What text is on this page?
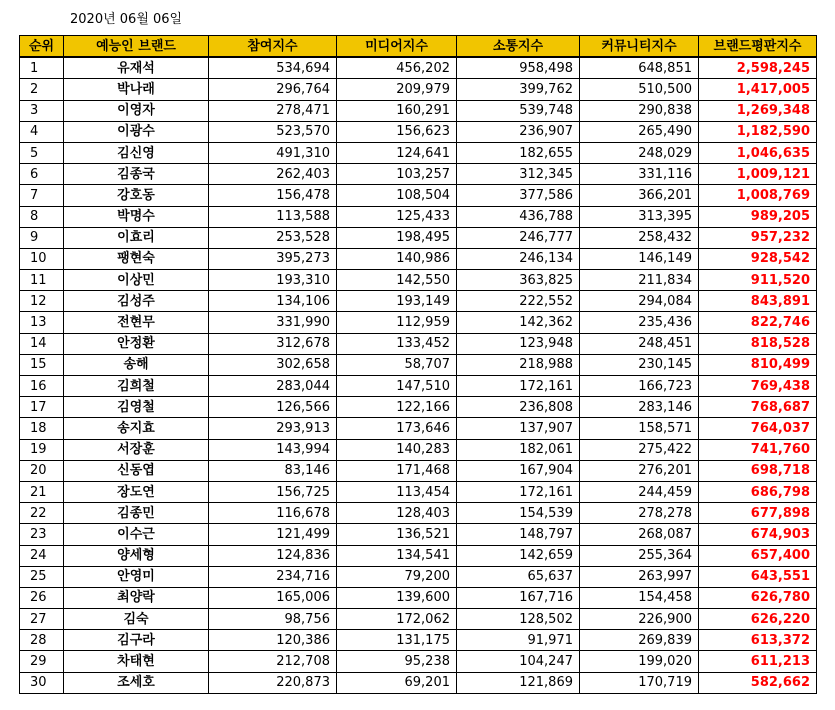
2020년 06월 06일
순위	예능인 브랜드	참여지수	미디어지수	소통지수	커뮤니티지수	브랜드평판지수
1	유재석	534,694	456,202	958,498	648,851	2,598,245
2	박나래	296,764	209,979	399,762	510,500	1,417,005
3	이영자	278,471	160,291	539,748	290,838	1,269,348
4	이광수	523,570	156,623	236,907	265,490	1,182,590
5	김신영	491,310	124,641	182,655	248,029	1,046,635
6	김종국	262,403	103,257	312,345	331,116	1,009,121
7	강호동	156,478	108,504	377,586	366,201	1,008,769
8	박명수	113,588	125,433	436,788	313,395	989,205
9	이효리	253,528	198,495	246,777	258,432	957,232
10	팽현숙	395,273	140,986	246,134	146,149	928,542
11	이상민	193,310	142,550	363,825	211,834	911,520
12	김성주	134,106	193,149	222,552	294,084	843,891
13	전현무	331,990	112,959	142,362	235,436	822,746
14	안정환	312,678	133,452	123,948	248,451	818,528
15	송해	302,658	58,707	218,988	230,145	810,499
16	김희철	283,044	147,510	172,161	166,723	769,438
17	김영철	126,566	122,166	236,808	283,146	768,687
18	송지효	293,913	173,646	137,907	158,571	764,037
19	서장훈	143,994	140,283	182,061	275,422	741,760
20	신동엽	83,146	171,468	167,904	276,201	698,718
21	장도연	156,725	113,454	172,161	244,459	686,798
22	김종민	116,678	128,403	154,539	278,278	677,898
23	이수근	121,499	136,521	148,797	268,087	674,903
24	양세형	124,836	134,541	142,659	255,364	657,400
25	안영미	234,716	79,200	65,637	263,997	643,551
26	최양락	165,006	139,600	167,716	154,458	626,780
27	김숙	98,756	172,062	128,502	226,900	626,220
28	김구라	120,386	131,175	91,971	269,839	613,372
29	차태현	212,708	95,238	104,247	199,020	611,213
30	조세호	220,873	69,201	121,869	170,719	582,662
